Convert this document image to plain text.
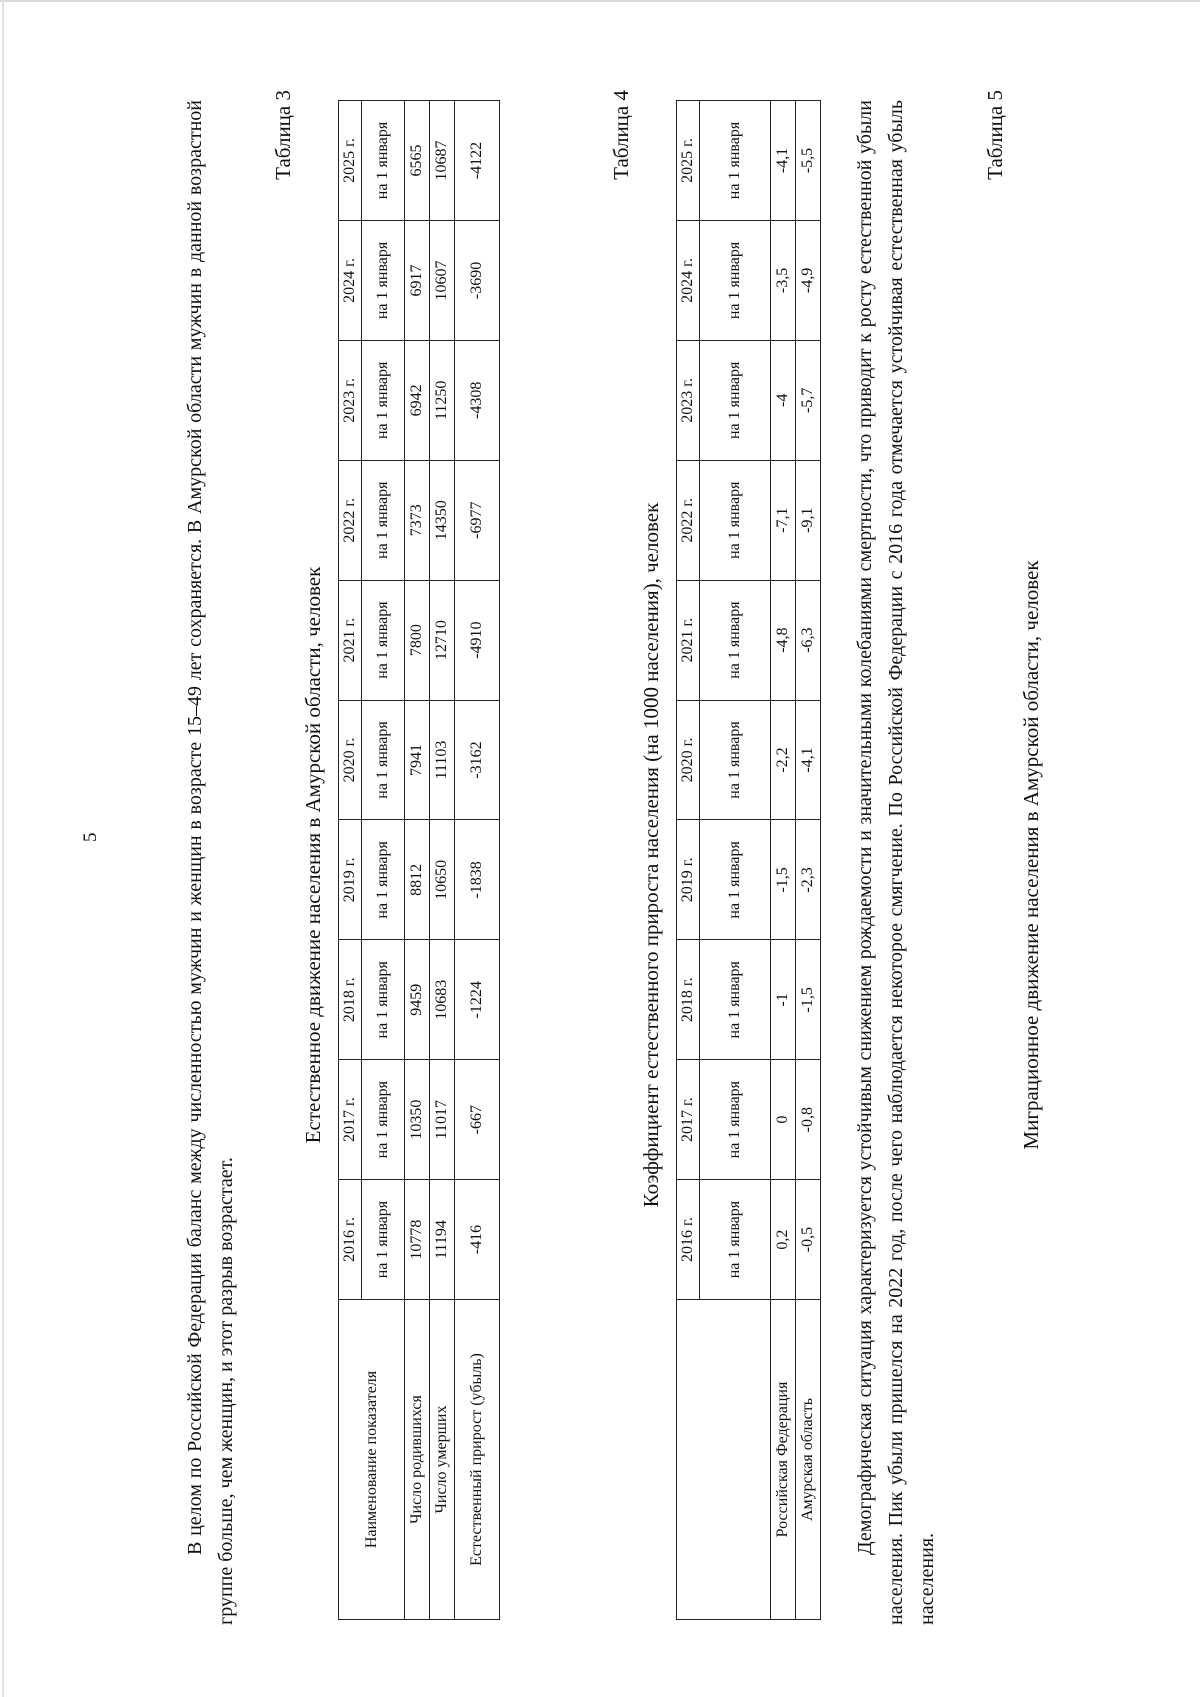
5	В целом по Российской Федерации баланс между численностью мужчин и женщин в возрасте 15–49 лет сохраняется. В Амурской области мужчин в данной возрастной группе больше, чем женщин, и этот разрыв возрастает.

Таблица 3
Естественное движение населения в Амурской области, человек
Наименование показателя	2016 г.	2017 г.	2018 г.	2019 г.	2020 г.	2021 г.	2022 г.	2023 г.	2024 г.	2025 г.
	на 1 января	на 1 января	на 1 января	на 1 января	на 1 января	на 1 января	на 1 января	на 1 января	на 1 января	на 1 января
Число родившихся	10778	10350	9459	8812	7941	7800	7373	6942	6917	6565
Число умерших	11194	11017	10683	10650	11103	12710	14350	11250	10607	10687
Естественный прирост (убыль)	-416	-667	-1224	-1838	-3162	-4910	-6977	-4308	-3690	-4122	Таблица 4
Коэффициент естественного прироста населения (на 1000 населения), человек
	2016 г.	2017 г.	2018 г.	2019 г.	2020 г.	2021 г.	2022 г.	2023 г.	2024 г.	2025 г.
	на 1 января	на 1 января	на 1 января	на 1 января	на 1 января	на 1 января	на 1 января	на 1 января	на 1 января	на 1 января
Российская Федерация	0,2	0	-1	-1,5	-2,2	-4,8	-7,1	-4	-3,5	-4,1
Амурская область	-0,5	-0,8	-1,5	-2,3	-4,1	-6,3	-9,1	-5,7	-4,9	-5,5 Демографическая ситуация характеризуется устойчивым снижением рождаемости и значительными колебаниями смертности, что приводит к росту естественной убыли населения. Пик убыли пришелся на 2022 год, после чего наблюдается некоторое смягчение. По Российской Федерации с 2016 года отмечается устойчивая естественная убыль населения.

Таблица 5
Миграционное движение населения в Амурской области, человек
